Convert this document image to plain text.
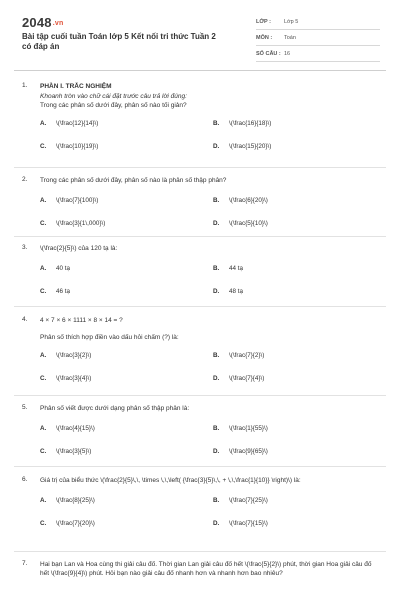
2048.vn
Bài tập cuối tuần Toán lớp 5 Kết nối tri thức Tuần 2 có đáp án
LỚP :	Lớp 5
MÔN :	Toán
SỐ CÂU : 16
1.	PHẦN I. TRẮC NGHIỆM
Khoanh tròn vào chữ cái đặt trước câu trả lời đúng:
Trong các phân số dưới đây, phân số nào tối giản?
A.	\(\frac{12}{14}\)	B.	\(\frac{16}{18}\)
C.	\(\frac{10}{19}\)	D.	\(\frac{15}{20}\)
2.	Trong các phân số dưới đây, phân số nào là phân số thập phân?
A.	\(\frac{7}{100}\)	B.	\(\frac{6}{20}\)
C.	\(\frac{3}{1\,000}\)	D.	\(\frac{5}{10}\)
3.	\(\frac{2}{5}\) của 120 tạ là:
A.	40 tạ	B.	44 tạ
C.	46 tạ	D.	48 tạ
4.	4 × 7 × 6 × 1111 × 8 × 14 = ?
Phân số thích hợp điền vào dấu hỏi chấm (?) là:
A.	\(\frac{3}{2}\)	B.	\(\frac{7}{2}\)
C.	\(\frac{3}{4}\)	D.	\(\frac{7}{4}\)
5.	Phân số viết được dưới dạng phân số thập phân là:
A.	\(\frac{4}{15}\)	B.	\(\frac{1}{55}\)
C.	\(\frac{3}{5}\)	D.	\(\frac{9}{65}\)
6.	Giá trị của biểu thức \(\frac{2}{5}\,\, \times \,\,\left( {\frac{3}{5}\,\, + \,\,\frac{1}{10}} \right)\) là:
A.	\(\frac{8}{25}\)	B.	\(\frac{7}{25}\)
C.	\(\frac{7}{20}\)	D.	\(\frac{7}{15}\)
7.	Hai bạn Lan và Hoa cùng thi giải câu đố. Thời gian Lan giải câu đố hết \(\frac{5}{2}\) phút, thời gian Hoa giải câu đố hết \(\frac{9}{4}\) phút. Hỏi bạn nào giải câu đố nhanh hơn và nhanh hơn bao nhiêu?
